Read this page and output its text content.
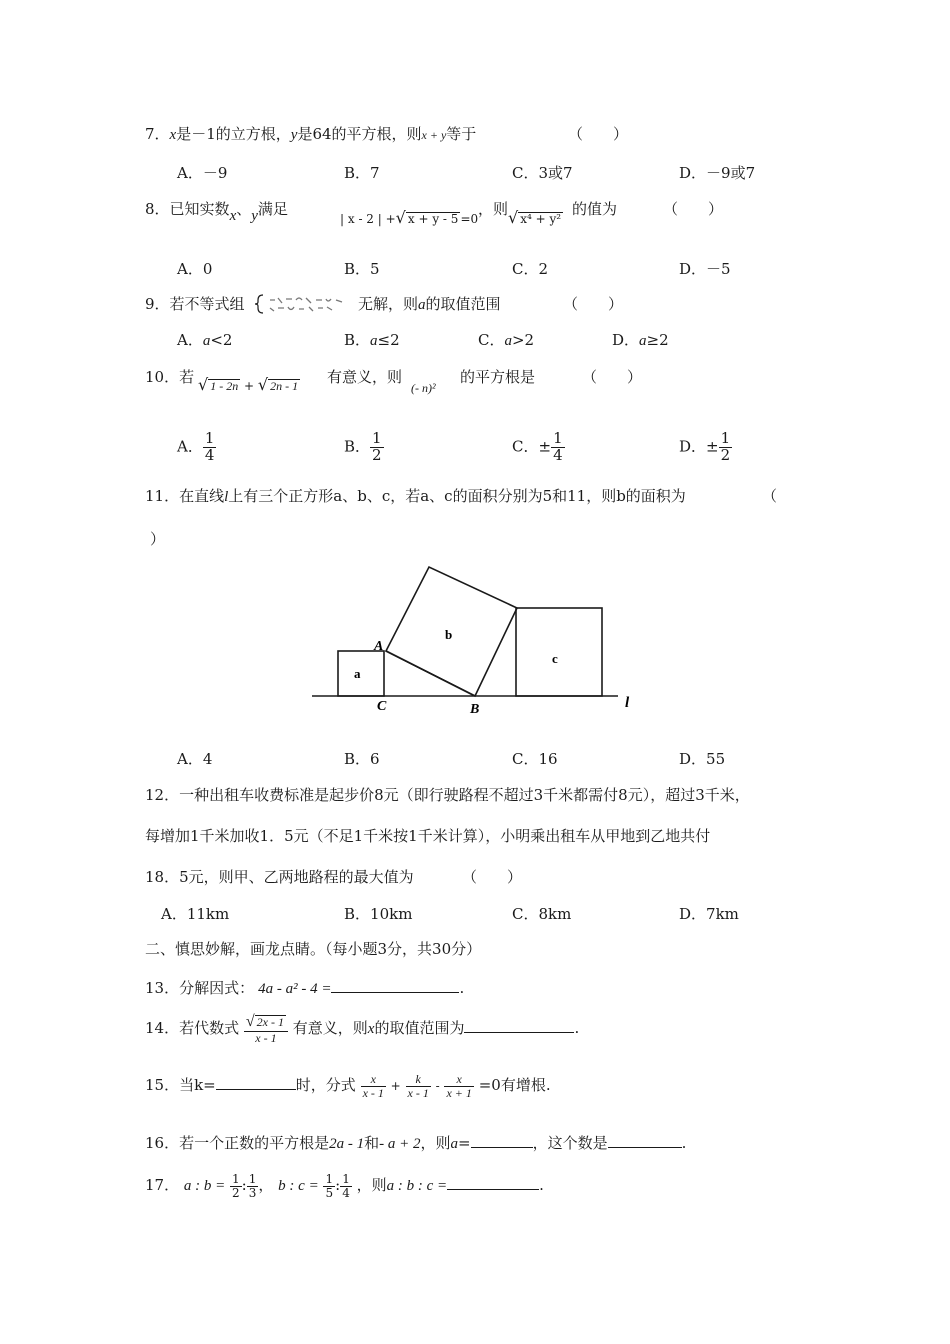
7．x是－1的立方根，y是64的平方根，则x + y等于	（　　）
A．－9	B．7	C．3或7	D．－9或7
8．已知实数x、y满足
| x - 2 | +√ x + y - 5 =0
，则 √ x⁴ + y²
的值为	（　　）
A．0	B．5	C．2	D．－5
9．若不等式组	无解，则a的取值范围	（　　）
A．a<2	B．a≤2	C．a>2	D．a≥2
10．若 √ 1 - 2n + √ 2n - 1 有意义，则
(- n)²
的平方根是	（　　）
A． $\frac{1}{4}$	B． $\frac{1}{2}$	C．± $\frac{1}{4}$	D．± $\frac{1}{2}$
11．在直线l上有三个正方形a、b、c，若a、c的面积分别为5和11，则b的面积为	（
）
a
b
c
A
C	B	l
A．4	B．6	C．16	D．55
12．一种出租车收费标准是起步价8元（即行驶路程不超过3千米都需付8元），超过3千米，
每增加1千米加收1．5元（不足1千米按1千米计算），小明乘出租车从甲地到乙地共付
18．5元，则甲、乙两地路程的最大值为	（　　）
A．11km	B．10km	C．8km	D．7km
二、慎思妙解，画龙点睛。（每小题3分，共30分）
13．分解因式： 4a - a² - 4 =	.
14．若代数式 $\frac{√ 2x - 1}{x - 1}$ 有意义，则x的取值范围为	.
15．当k=	时，分式 $\frac{x}{x - 1} + \frac{k}{x - 1} - \frac{x}{x + 1} =0$有增根.
16．若一个正数的平方根是2a - 1和- a + 2，则a=	，这个数是	.
17． a : $b = \frac{1}{2}$ : $\frac{1}{3}$ ， b : $c = \frac{1}{5}$ : $\frac{1}{4}$ ，则a : b : c =	.
